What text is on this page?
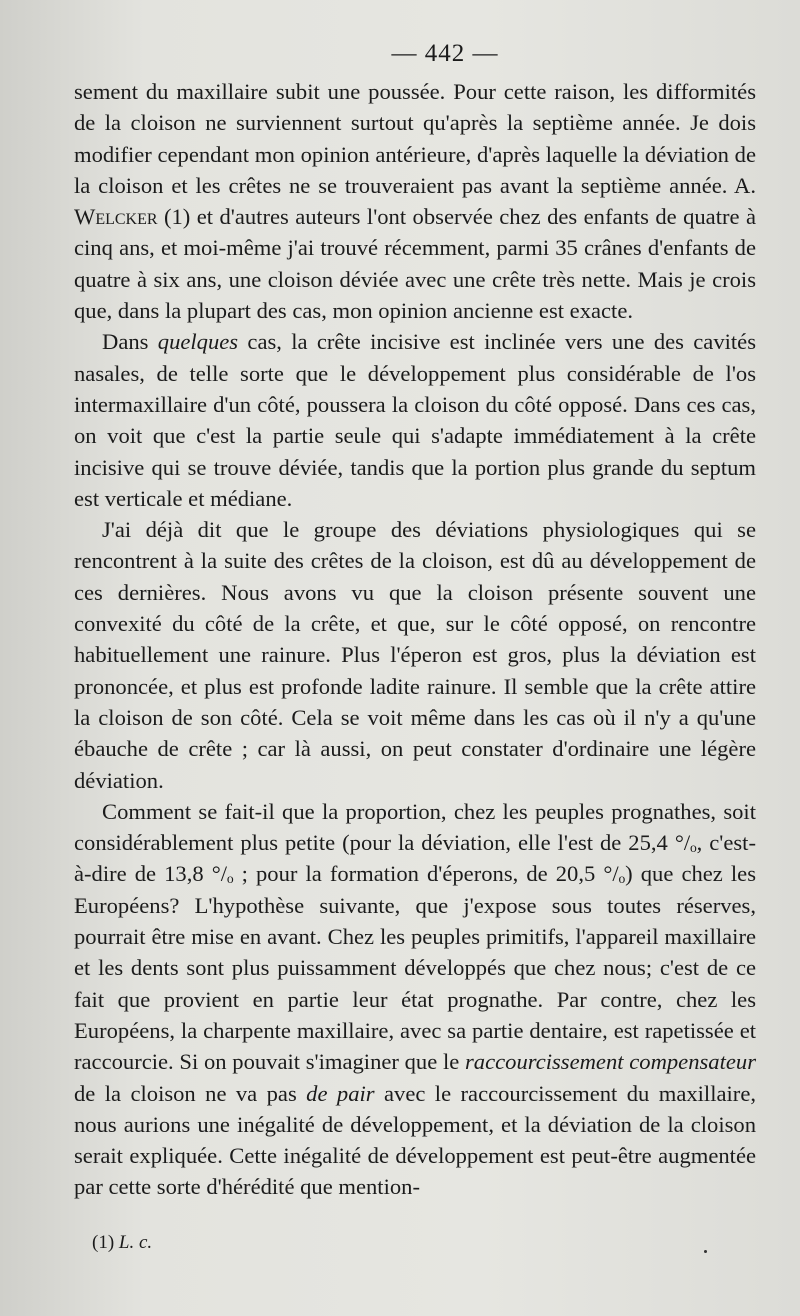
— 442 —

sement du maxillaire subit une poussée. Pour cette raison, les difformités de la cloison ne surviennent surtout qu'après la septième année. Je dois modifier cependant mon opinion antérieure, d'après laquelle la déviation de la cloison et les crêtes ne se trouveraient pas avant la septième année. A. Welcker (1) et d'autres auteurs l'ont observée chez des enfants de quatre à cinq ans, et moi-même j'ai trouvé récemment, parmi 35 crânes d'enfants de quatre à six ans, une cloison déviée avec une crête très nette. Mais je crois que, dans la plupart des cas, mon opinion ancienne est exacte.

Dans quelques cas, la crête incisive est inclinée vers une des cavités nasales, de telle sorte que le développement plus considérable de l'os intermaxillaire d'un côté, poussera la cloison du côté opposé. Dans ces cas, on voit que c'est la partie seule qui s'adapte immédiatement à la crête incisive qui se trouve déviée, tandis que la portion plus grande du septum est verticale et médiane.

J'ai déjà dit que le groupe des déviations physiologiques qui se rencontrent à la suite des crêtes de la cloison, est dû au développement de ces dernières. Nous avons vu que la cloison présente souvent une convexité du côté de la crête, et que, sur le côté opposé, on rencontre habituellement une rainure. Plus l'éperon est gros, plus la déviation est prononcée, et plus est profonde ladite rainure. Il semble que la crête attire la cloison de son côté. Cela se voit même dans les cas où il n'y a qu'une ébauche de crête ; car là aussi, on peut constater d'ordinaire une légère déviation.

Comment se fait-il que la proportion, chez les peuples prognathes, soit considérablement plus petite (pour la déviation, elle l'est de 25,4 °/ₒ, c'est-à-dire de 13,8 °/ₒ ; pour la formation d'éperons, de 20,5 °/ₒ) que chez les Européens? L'hypothèse suivante, que j'expose sous toutes réserves, pourrait être mise en avant. Chez les peuples primitifs, l'appareil maxillaire et les dents sont plus puissamment développés que chez nous; c'est de ce fait que provient en partie leur état prognathe. Par contre, chez les Européens, la charpente maxillaire, avec sa partie dentaire, est rapetissée et raccourcie. Si on pouvait s'imaginer que le raccourcissement compensateur de la cloison ne va pas de pair avec le raccourcissement du maxillaire, nous aurions une inégalité de développement, et la déviation de la cloison serait expliquée. Cette inégalité de développement est peut-être augmentée par cette sorte d'hérédité que mention-

(1) L. c.
